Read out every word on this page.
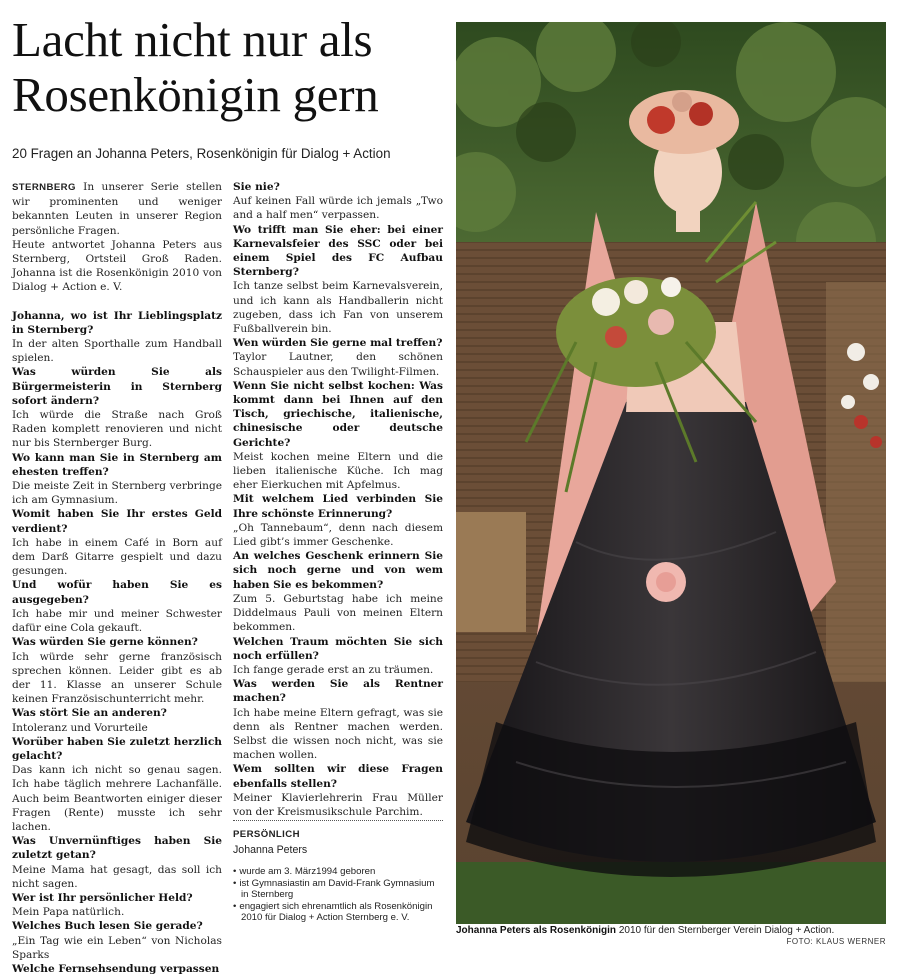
Lacht nicht nur als
Rosenkönigin gern
20 Fragen an Johanna Peters, Rosenkönigin für Dialog + Action

STERNBERG In unserer Serie stellen wir prominenten und weniger bekannten Leuten in unserer Region persönliche Fragen.

Heute antwortet Johanna Peters aus Sternberg, Ortsteil Groß Raden. Johanna ist die Rosenkönigin 2010 von Dialog + Action e. V.

Johanna, wo ist Ihr Lieblingsplatz in Sternberg?

In der alten Sporthalle zum Handball spielen.

Was würden Sie als Bürgermeisterin in Sternberg sofort ändern?

Ich würde die Straße nach Groß Raden komplett renovieren und nicht nur bis Sternberger Burg.

Wo kann man Sie in Sternberg am ehesten treffen?

Die meiste Zeit in Sternberg verbringe ich am Gymnasium.

Womit haben Sie Ihr erstes Geld verdient?

Ich habe in einem Café in Born auf dem Darß Gitarre gespielt und dazu gesungen.

Und wofür haben Sie es ausgegeben?

Ich habe mir und meiner Schwester dafür eine Cola gekauft.

Was würden Sie gerne können?

Ich würde sehr gerne französisch sprechen können. Leider gibt es ab der 11. Klasse an unserer Schule keinen Französischunterricht mehr.

Was stört Sie an anderen?

Intoleranz und Vorurteile

Worüber haben Sie zuletzt herzlich gelacht?

Das kann ich nicht so genau sagen. Ich habe täglich mehrere Lachanfälle. Auch beim Beantworten einiger dieser Fragen (Rente) musste ich sehr lachen.

Was Unvernünftiges haben Sie zuletzt getan?

Meine Mama hat gesagt, das soll ich nicht sagen.

Wer ist Ihr persönlicher Held?

Mein Papa natürlich.

Welches Buch lesen Sie gerade?

„Ein Tag wie ein Leben“ von Nicholas Sparks

Welche Fernsehsendung verpassen

Sie nie?

Auf keinen Fall würde ich jemals „Two and a half men“ verpassen.

Wo trifft man Sie eher: bei einer Karnevalsfeier des SSC oder bei einem Spiel des FC Aufbau Sternberg?

Ich tanze selbst beim Karnevalsverein, und ich kann als Handballerin nicht zugeben, dass ich Fan von unserem Fußballverein bin.

Wen würden Sie gerne mal treffen?

Taylor Lautner, den schönen Schauspieler aus den Twilight-Filmen.

Wenn Sie nicht selbst kochen: Was kommt dann bei Ihnen auf den Tisch, griechische, italienische, chinesische oder deutsche Gerichte?

Meist kochen meine Eltern und die lieben italienische Küche. Ich mag eher Eierkuchen mit Apfelmus.

Mit welchem Lied verbinden Sie Ihre schönste Erinnerung?

„Oh Tannebaum“, denn nach diesem Lied gibt’s immer Geschenke.

An welches Geschenk erinnern Sie sich noch gerne und von wem haben Sie es bekommen?

Zum 5. Geburtstag habe ich meine Diddelmaus Pauli von meinen Eltern bekommen.

Welchen Traum möchten Sie sich noch erfüllen?

Ich fange gerade erst an zu träumen.

Was werden Sie als Rentner machen?

Ich habe meine Eltern gefragt, was sie denn als Rentner machen werden. Selbst die wissen noch nicht, was sie machen wollen.

Wem sollten wir diese Fragen ebenfalls stellen?

Meiner Klavierlehrerin Frau Müller von der Kreismusikschule Parchim.

PERSÖNLICH
Johanna Peters
• wurde am 3. März1994 geboren
• ist Gymnasiastin am David-Frank Gymnasium in Sternberg
• engagiert sich ehrenamtlich als Rosenkönigin 2010 für Dialog + Action Sternberg e. V.
Johanna Peters als Rosenkönigin 2010 für den Sternberger Verein Dialog + Action.
FOTO: KLAUS WERNER
